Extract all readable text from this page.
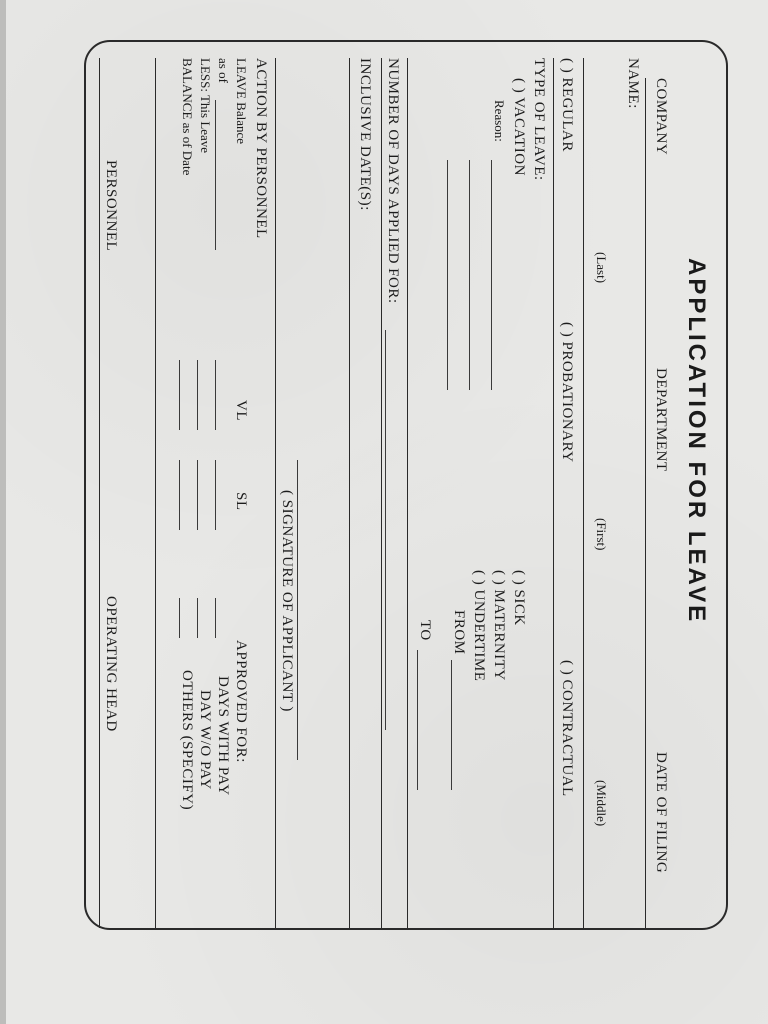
APPLICATION FOR LEAVE
COMPANY
DEPARTMENT
DATE OF FILING
NAME:
(Last)
(First)
(Middle)
( ) REGULAR
( ) PROBATIONARY
( ) CONTRACTUAL
TYPE OF LEAVE:
( ) VACATION
Reason:
( ) SICK
( ) MATERNITY
( ) UNDERTIME
FROM
TO
NUMBER OF DAYS APPLIED FOR:
INCLUSIVE DATE(S):
( SIGNATURE OF APPLICANT )
ACTION BY PERSONNEL
LEAVE Balance
as of
LESS: This Leave
BALANCE as of Date
VL
SL
APPROVED FOR:
DAYS WITH PAY
DAY W/O PAY
OTHERS (SPECIFY)
PERSONNEL
OPERATING HEAD
